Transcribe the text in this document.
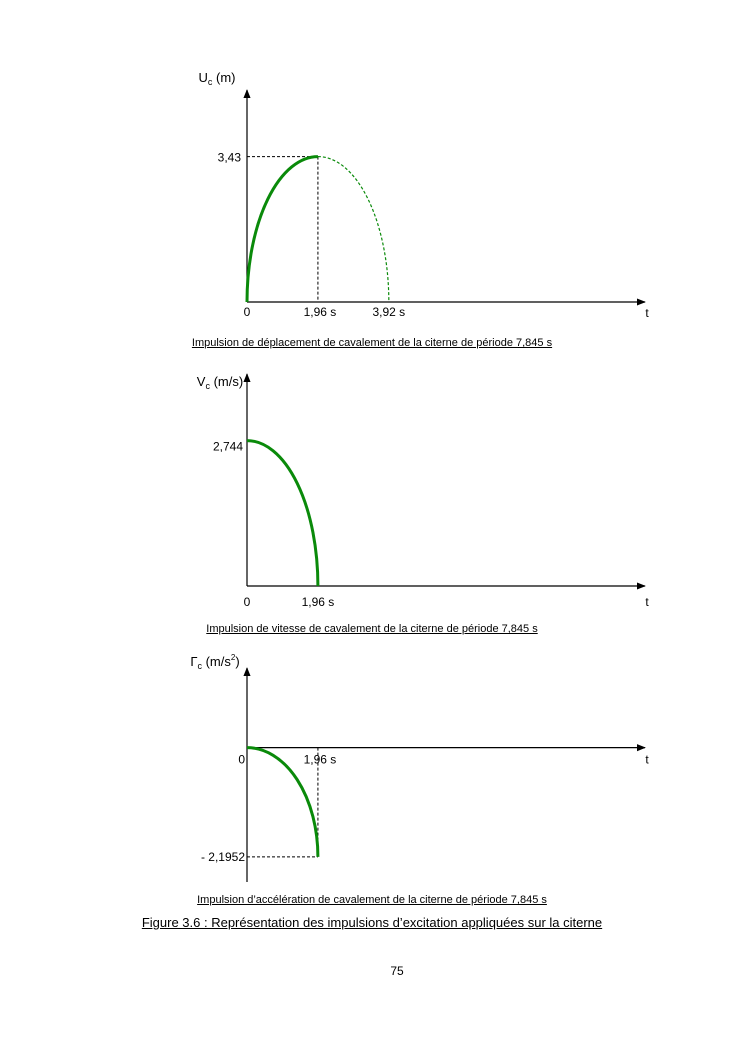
$U_c$ (m)
3,43
0	1,96 s	3,92 s	t
$V_c$ (m/s)
2,744
0	1,96 s	t
$\Gamma_c$ $(m/s^2)$
- 2,1952
0	1,96 s	t
Impulsion de déplacement de cavalement de la citerne de période 7,845 s
Impulsion de vitesse de cavalement de la citerne de période 7,845 s
Impulsion d’accélération de cavalement de la citerne de période 7,845 s
Figure 3.6 : Représentation des impulsions d’excitation appliquées sur la citerne
75
